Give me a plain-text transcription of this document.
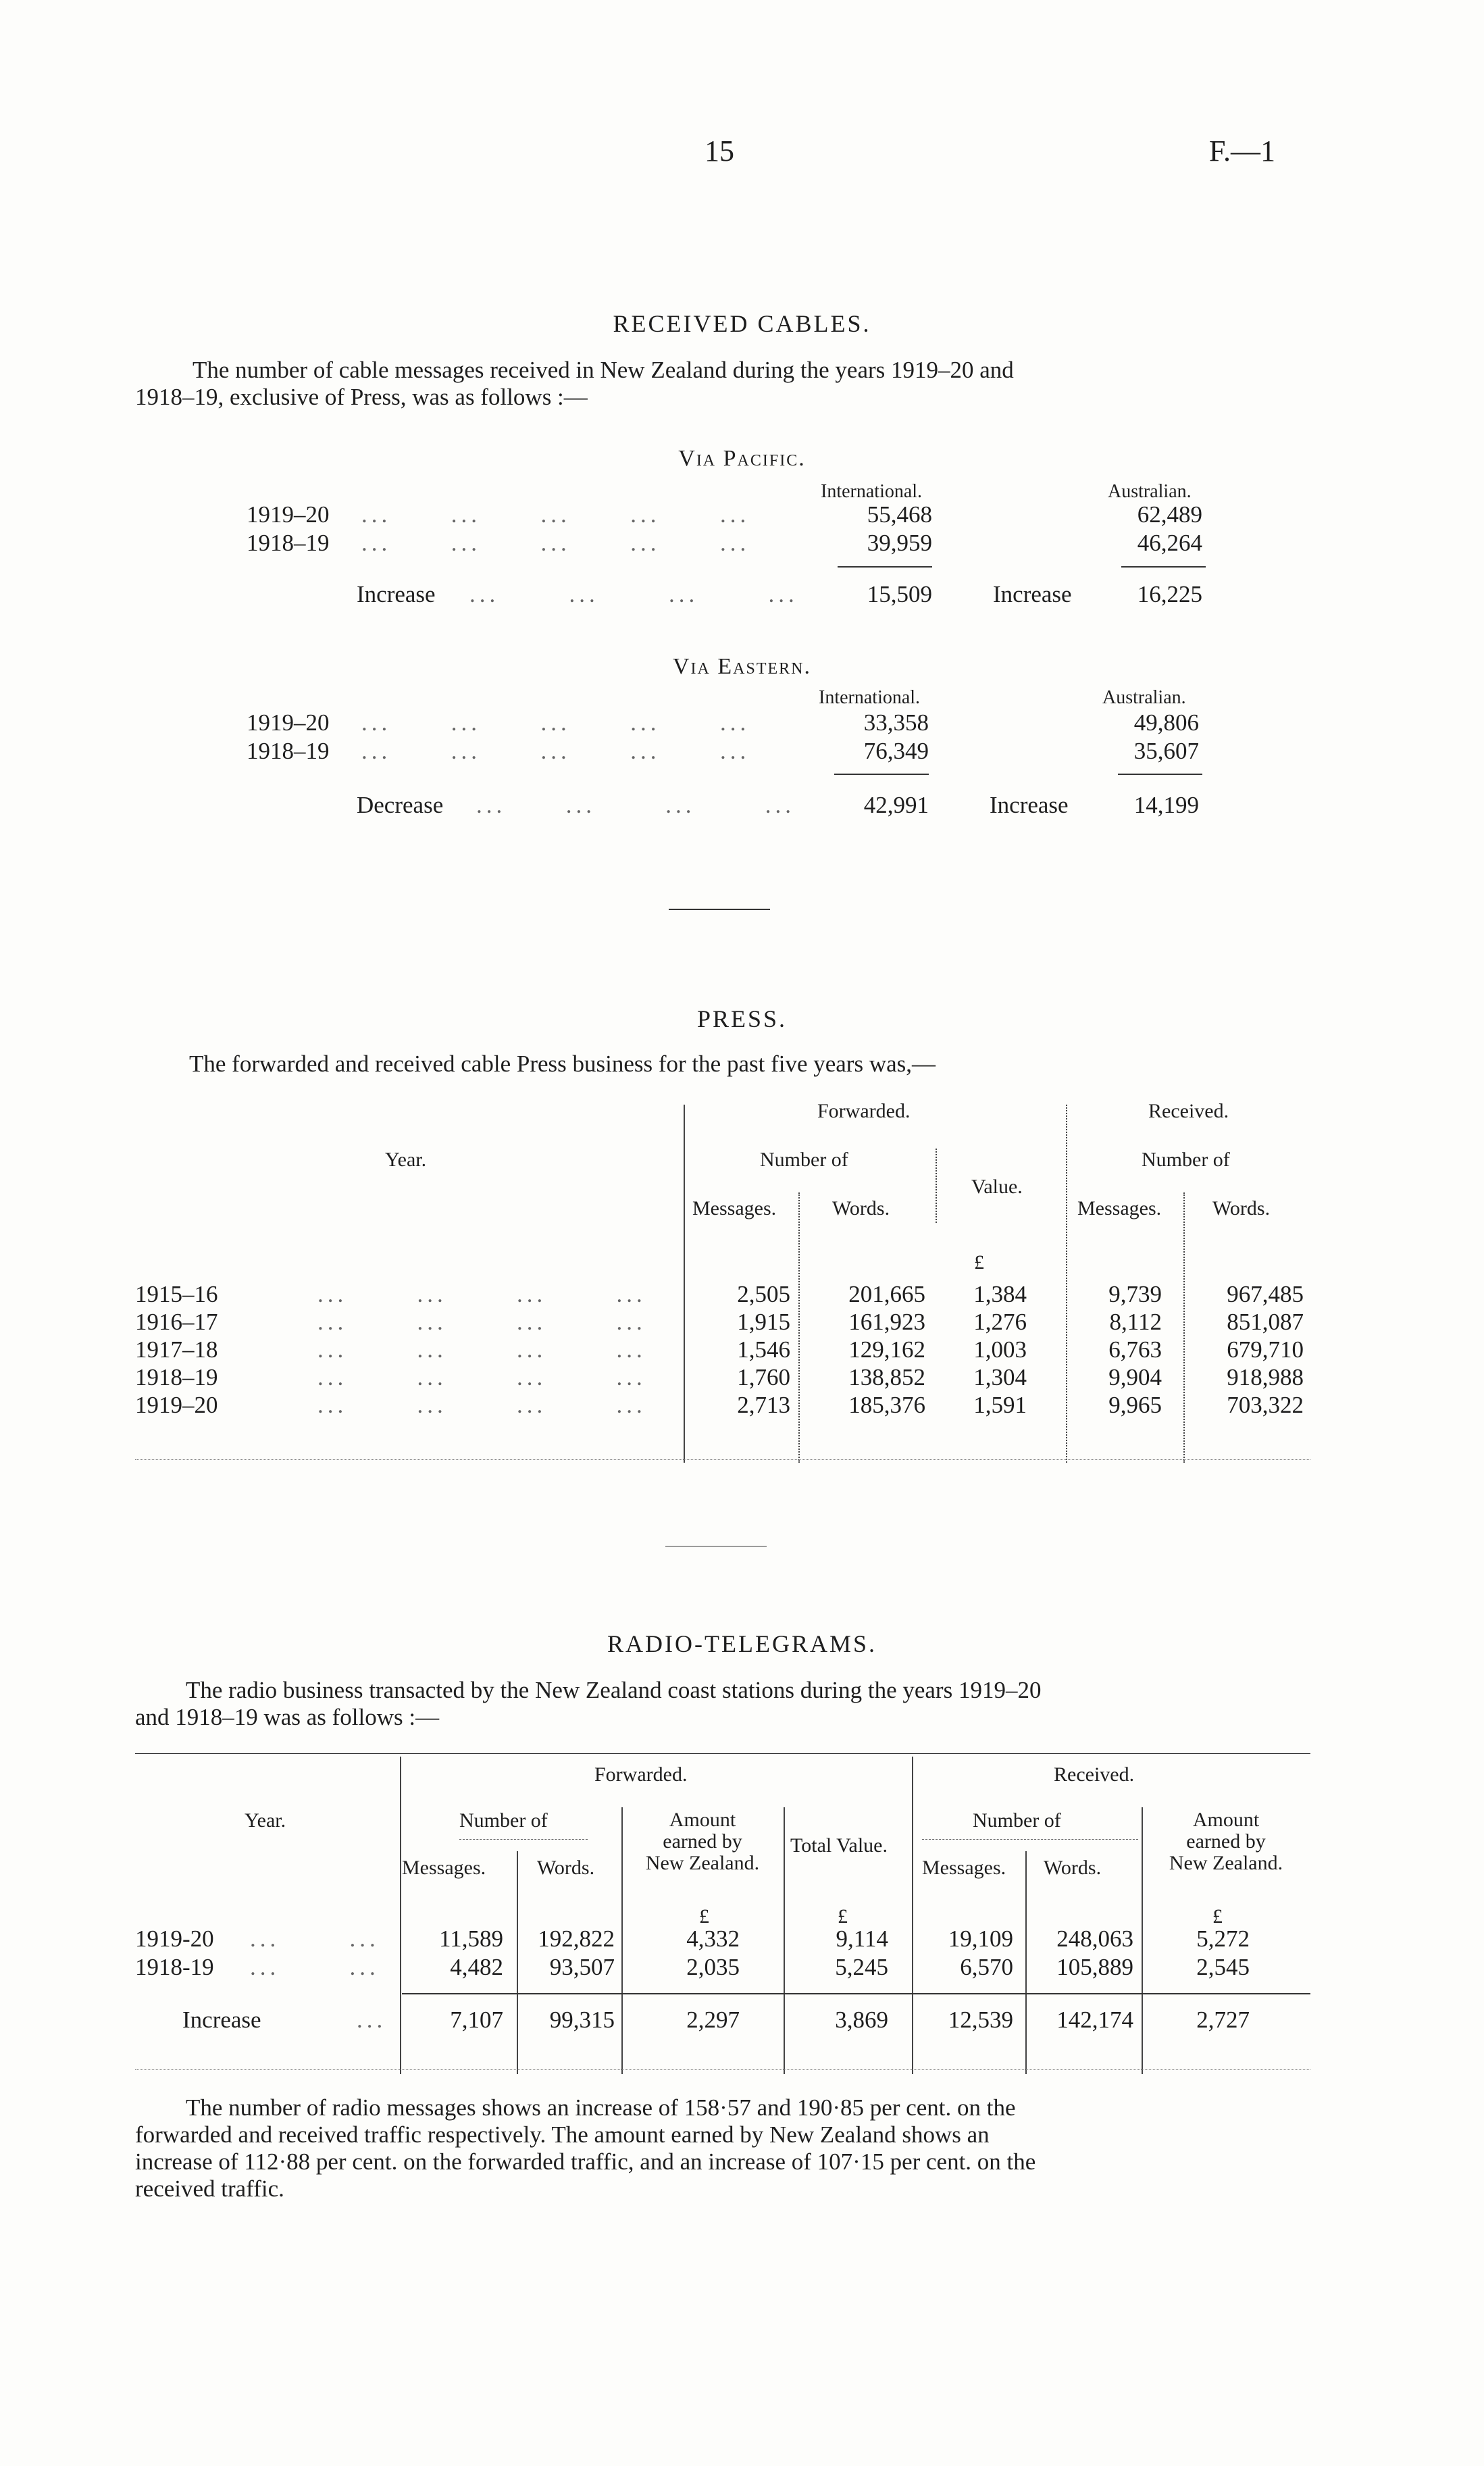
15	F.—1
RECEIVED CABLES.
The number of cable messages received in New Zealand during the years 1919–20 and
1918–19, exclusive of Press, was as follows :—
Via Pacific.
International.	Australian.
1919–20 ...      ...      ...      ...      ...	55,468	62,489
1918–19 ...      ...      ...      ...      ...	39,959	46,264
Increase ...       ...       ...       ...	15,509	Increase	16,225
Via Eastern.
International.	Australian.
1919–20 ...      ...      ...      ...      ...	33,358	49,806
1918–19 ...      ...      ...      ...      ...	76,349	35,607
Decrease ...      ...       ...       ...	42,991	Increase	14,199
PRESS.
The forwarded and received cable Press business for the past five years was,—
Year.
Forwarded.	Received.
Number of	Number of
Messages.	Words.
Value.
Messages.	Words.
£
1915–16	...       ...       ...       ...	2,505	201,665	1,384	9,739	967,485
1916–17	...       ...       ...       ...	1,915	161,923	1,276	8,112	851,087
1917–18	...       ...       ...       ...	1,546	129,162	1,003	6,763	679,710
1918–19	...       ...       ...       ...	1,760	138,852	1,304	9,904	918,988
1919–20	...       ...       ...       ...	2,713	185,376	1,591	9,965	703,322
RADIO-TELEGRAMS.
The radio business transacted by the New Zealand coast stations during the years 1919–20
and 1918–19 was as follows :—
Year.
Forwarded.	Received.
Number of	Number of
Messages.	Words.
Amount
earned by
New Zealand.
Total Value.
Messages. Words.
Amount
earned by
New Zealand.
£	£	£
1919-20 ...       ...	11,589	192,822	4,332	9,114	19,109	248,063	5,272
1918-19 ...       ...	4,482	93,507	2,035	5,245	6,570	105,889	2,545
Increase	...	7,107	99,315	2,297	3,869	12,539	142,174	2,727
The number of radio messages shows an increase of 158·57 and 190·85 per cent. on the
forwarded and received traffic respectively. The amount earned by New Zealand shows an
increase of 112·88 per cent. on the forwarded traffic, and an increase of 107·15 per cent. on the
received traffic.
